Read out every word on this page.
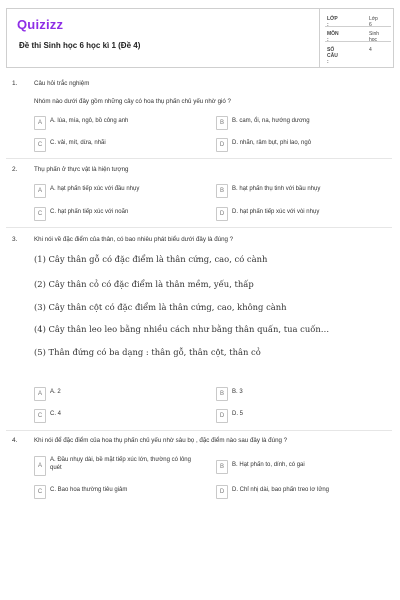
Quizizz
Đề thi Sinh học 6 học kì 1 (Đề 4)
LỚP :
Lớp 6
MÔN :
Sinh học
SỐ CÂU :
4
1.	Câu hỏi trắc nghiệm
Nhóm nào dưới đây gồm những cây có hoa thụ phấn chủ yếu nhờ gió ?
A	A. lúa, mía, ngô, bồ công anh	B	B. cam, ổi, na, hướng dương
C	C. vải, mít, dừa, nhãi	D	D. nhãn, râm bụt, phi lao, ngô
2.	Thụ phấn ở thực vật là hiện tượng
A	A. hạt phấn tiếp xúc với đầu nhụy	B	B. hạt phấn thụ tinh với bầu nhụy
C	C. hạt phấn tiếp xúc với noãn	D	D. hạt phấn tiếp xúc với vòi nhụy
3.	Khi nói về đặc điểm của thân, có bao nhiêu phát biểu dưới đây là đúng ?
(1) Cây thân gỗ có đặc điểm là thân cứng, cao, có cành
(2) Cây thân cỏ có đặc điểm là thân mềm, yếu, thấp
(3) Cây thân cột có đặc điểm là thân cứng, cao, không cành
(4) Cây thân leo leo bằng nhiều cách như bằng thân quấn, tua cuốn…
(5) Thân đứng có ba dạng : thân gỗ, thân cột, thân cỏ
A	A. 2	B	B. 3
C	C. 4	D	D. 5
4.	Khi nói để đặc điểm của hoa thụ phấn chủ yếu nhờ sâu bọ , đặc điểm nào sau đây là đúng ?
A
A. Đầu nhụy dài, bề mặt tiếp xúc lớn, thường có lông quét	B	B. Hạt phấn to, dính, có gai
C	C. Bao hoa thường tiêu giảm	D	D. Chỉ nhị dài, bao phấn treo lơ lửng
